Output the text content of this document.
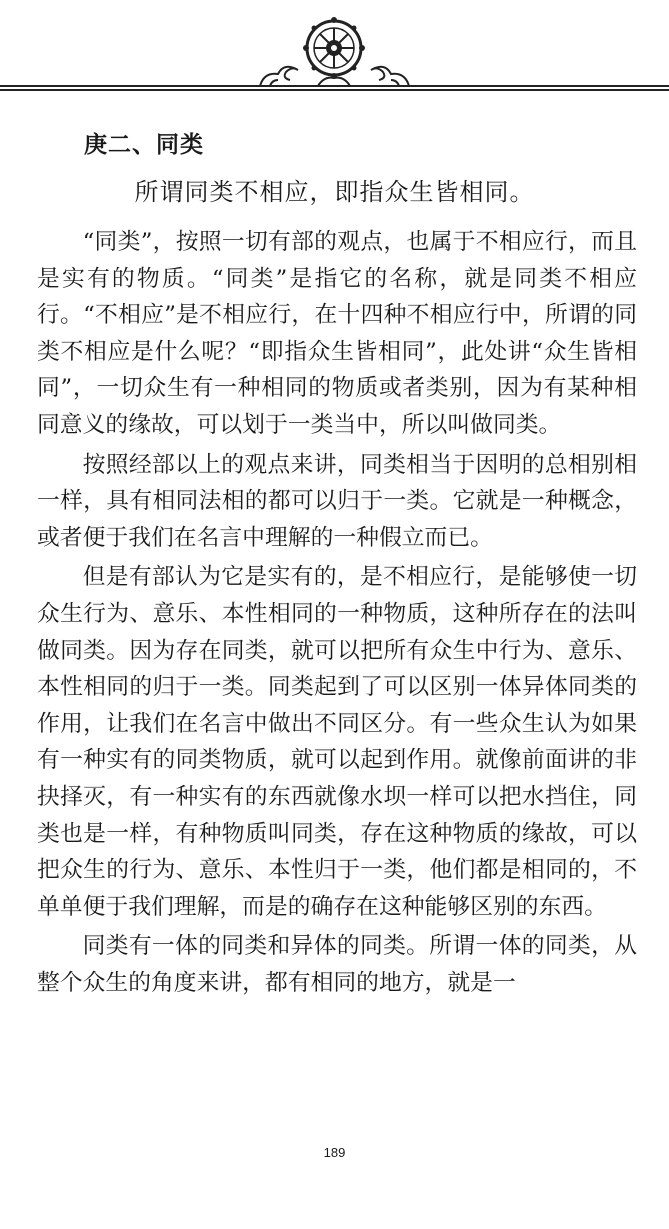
庚二、同类

所谓同类不相应，即指众生皆相同。

“同类”，按照一切有部的观点，也属于不相应行，而且是实有的物质。“同类”是指它的名称，就是同类不相应行。“不相应”是不相应行，在十四种不相应行中，所谓的同类不相应是什么呢？“即指众生皆相同”，此处讲“众生皆相同”，一切众生有一种相同的物质或者类别，因为有某种相同意义的缘故，可以划于一类当中，所以叫做同类。

按照经部以上的观点来讲，同类相当于因明的总相别相一样，具有相同法相的都可以归于一类。它就是一种概念，或者便于我们在名言中理解的一种假立而已。

但是有部认为它是实有的，是不相应行，是能够使一切众生行为、意乐、本性相同的一种物质，这种所存在的法叫做同类。因为存在同类，就可以把所有众生中行为、意乐、本性相同的归于一类。同类起到了可以区别一体异体同类的作用，让我们在名言中做出不同区分。有一些众生认为如果有一种实有的同类物质，就可以起到作用。就像前面讲的非抉择灭，有一种实有的东西就像水坝一样可以把水挡住，同类也是一样，有种物质叫同类，存在这种物质的缘故，可以把众生的行为、意乐、本性归于一类，他们都是相同的，不单单便于我们理解，而是的确存在这种能够区别的东西。

同类有一体的同类和异体的同类。所谓一体的同类，从整个众生的角度来讲，都有相同的地方，就是一

189
